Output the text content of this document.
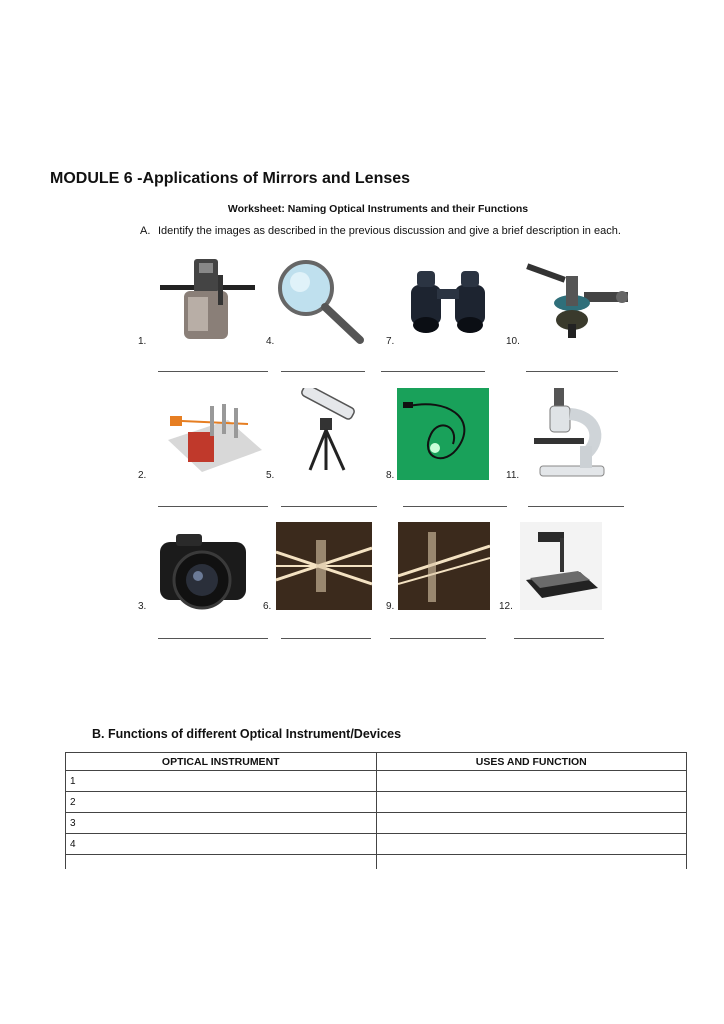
MODULE 6 -Applications of Mirrors and Lenses
Worksheet: Naming Optical Instruments and their Functions
A. Identify the images as described in the previous discussion and give a brief description in each.
1.	4.	7.	10.
2.	5.	8.	11.
3.	6.	9.	12.
B. Functions of different Optical Instrument/Devices
OPTICAL INSTRUMENT	USES AND FUNCTION
1	
2	
3	
4	
